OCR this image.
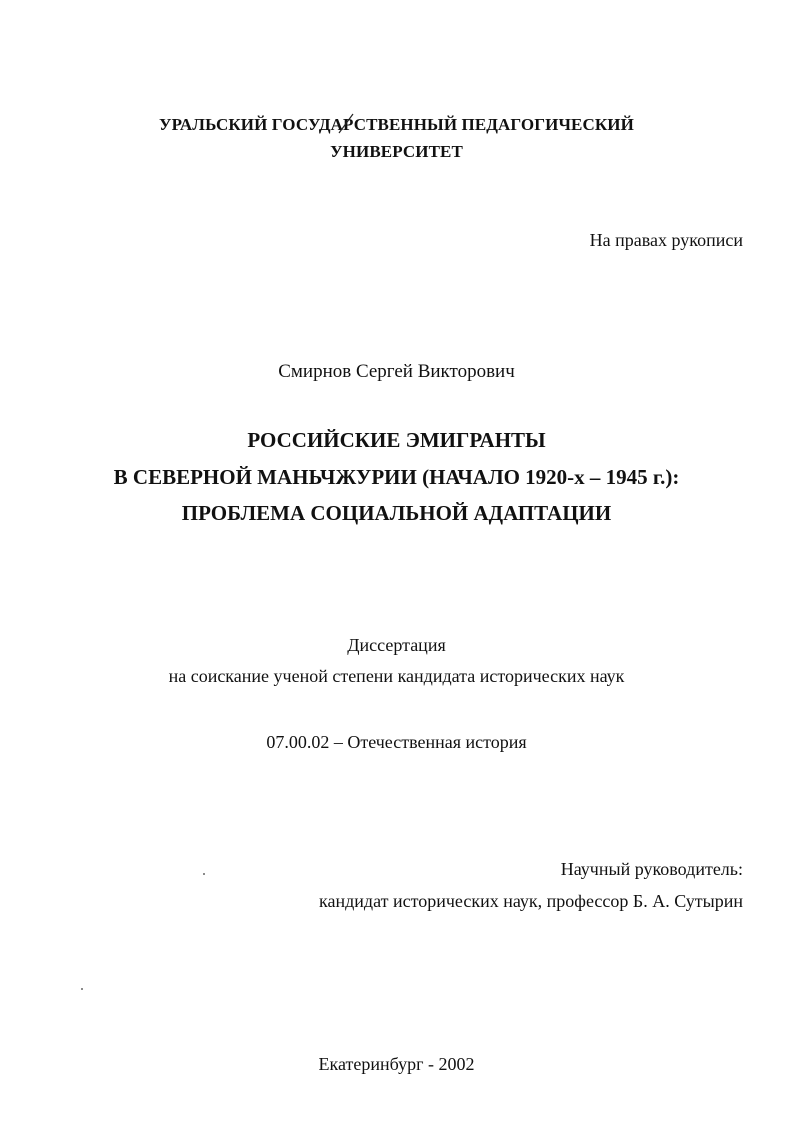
УРАЛЬСКИЙ ГОСУДАРСТВЕННЫЙ ПЕДАГОГИЧЕСКИЙ
УНИВЕРСИТЕТ
На правах рукописи
Смирнов Сергей Викторович
РОССИЙСКИЕ ЭМИГРАНТЫ
В СЕВЕРНОЙ МАНЬЧЖУРИИ (НАЧАЛО 1920-х – 1945 г.):
ПРОБЛЕМА СОЦИАЛЬНОЙ АДАПТАЦИИ
Диссертация
на соискание ученой степени кандидата исторических наук
07.00.02 – Отечественная история
Научный руководитель:
кандидат исторических наук, профессор Б. А. Сутырин
Екатеринбург - 2002
